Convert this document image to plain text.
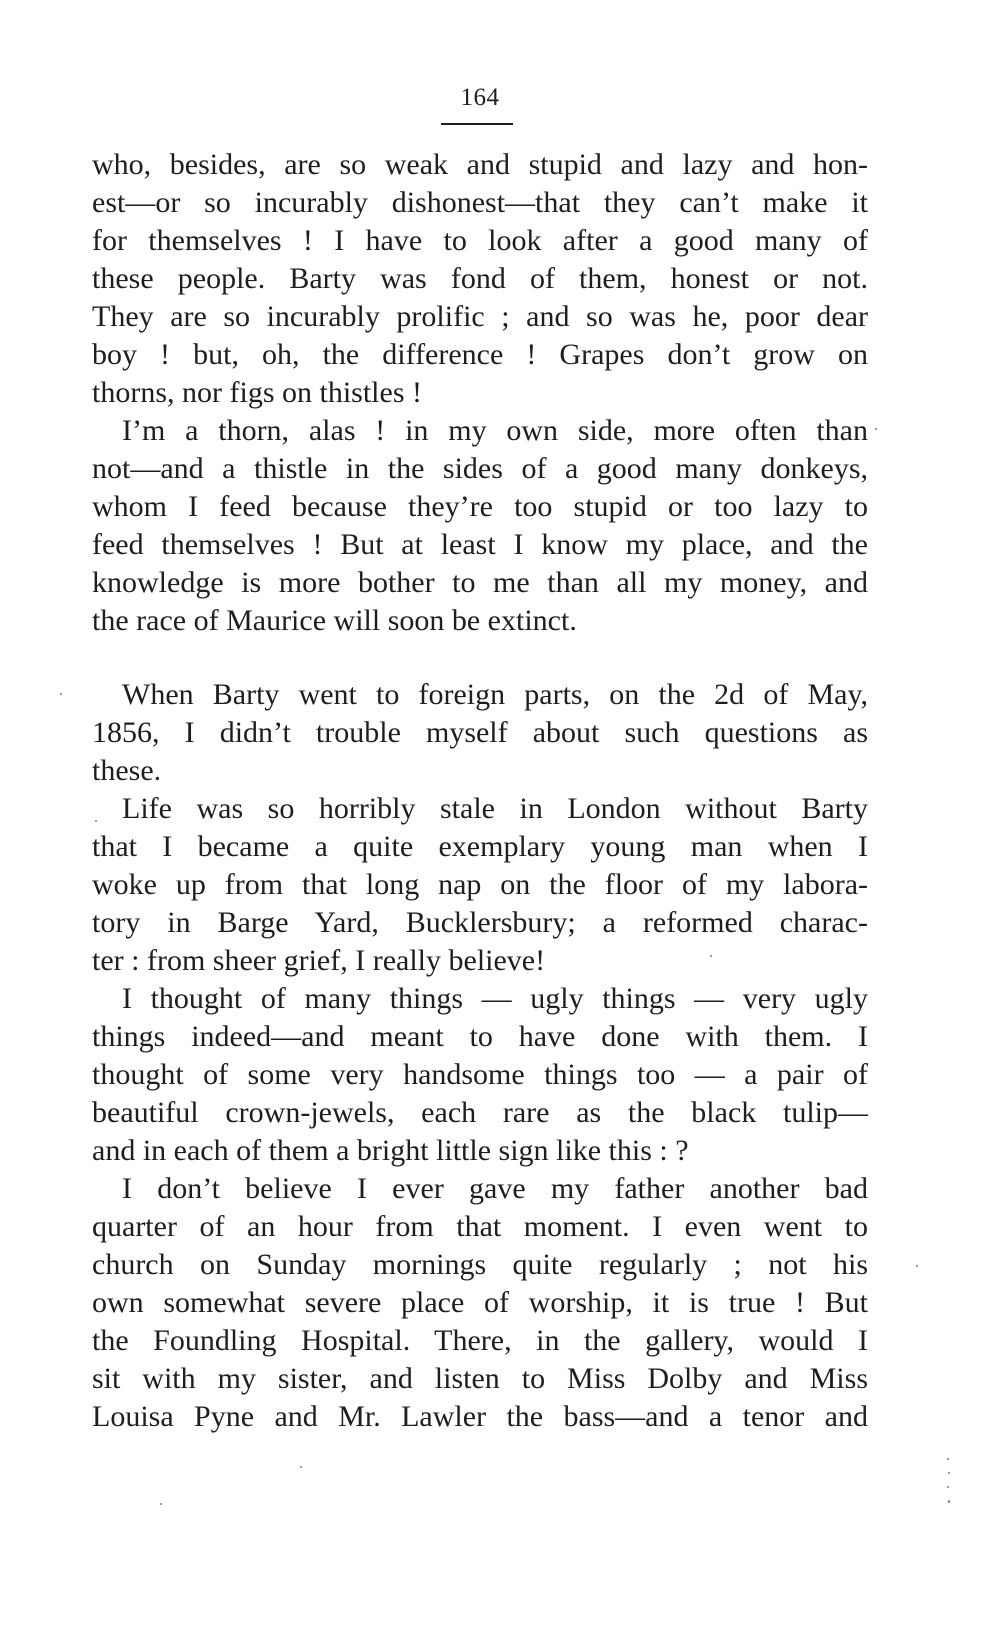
164
who, besides, are so weak and stupid and lazy and hon-
est—or so incurably dishonest—that they can’t make it
for themselves ! I have to look after a good many of
these people. Barty was fond of them, honest or not.
They are so incurably prolific ; and so was he, poor dear
boy ! but, oh, the difference ! Grapes don’t grow on
thorns, nor figs on thistles !
I’m a thorn, alas ! in my own side, more often than
not—and a thistle in the sides of a good many donkeys,
whom I feed because they’re too stupid or too lazy to
feed themselves ! But at least I know my place, and the
knowledge is more bother to me than all my money, and
the race of Maurice will soon be extinct.
When Barty went to foreign parts, on the 2d of May,
1856, I didn’t trouble myself about such questions as
these.
Life was so horribly stale in London without Barty
that I became a quite exemplary young man when I
woke up from that long nap on the floor of my labora-
tory in Barge Yard, Bucklersbury; a reformed charac-
ter : from sheer grief, I really believe!
I thought of many things — ugly things — very ugly
things indeed—and meant to have done with them. I
thought of some very handsome things too — a pair of
beautiful crown-jewels, each rare as the black tulip—
and in each of them a bright little sign like this : ?
I don’t believe I ever gave my father another bad
quarter of an hour from that moment. I even went to
church on Sunday mornings quite regularly ; not his
own somewhat severe place of worship, it is true ! But
the Foundling Hospital. There, in the gallery, would I
sit with my sister, and listen to Miss Dolby and Miss
Louisa Pyne and Mr. Lawler the bass—and a tenor and
